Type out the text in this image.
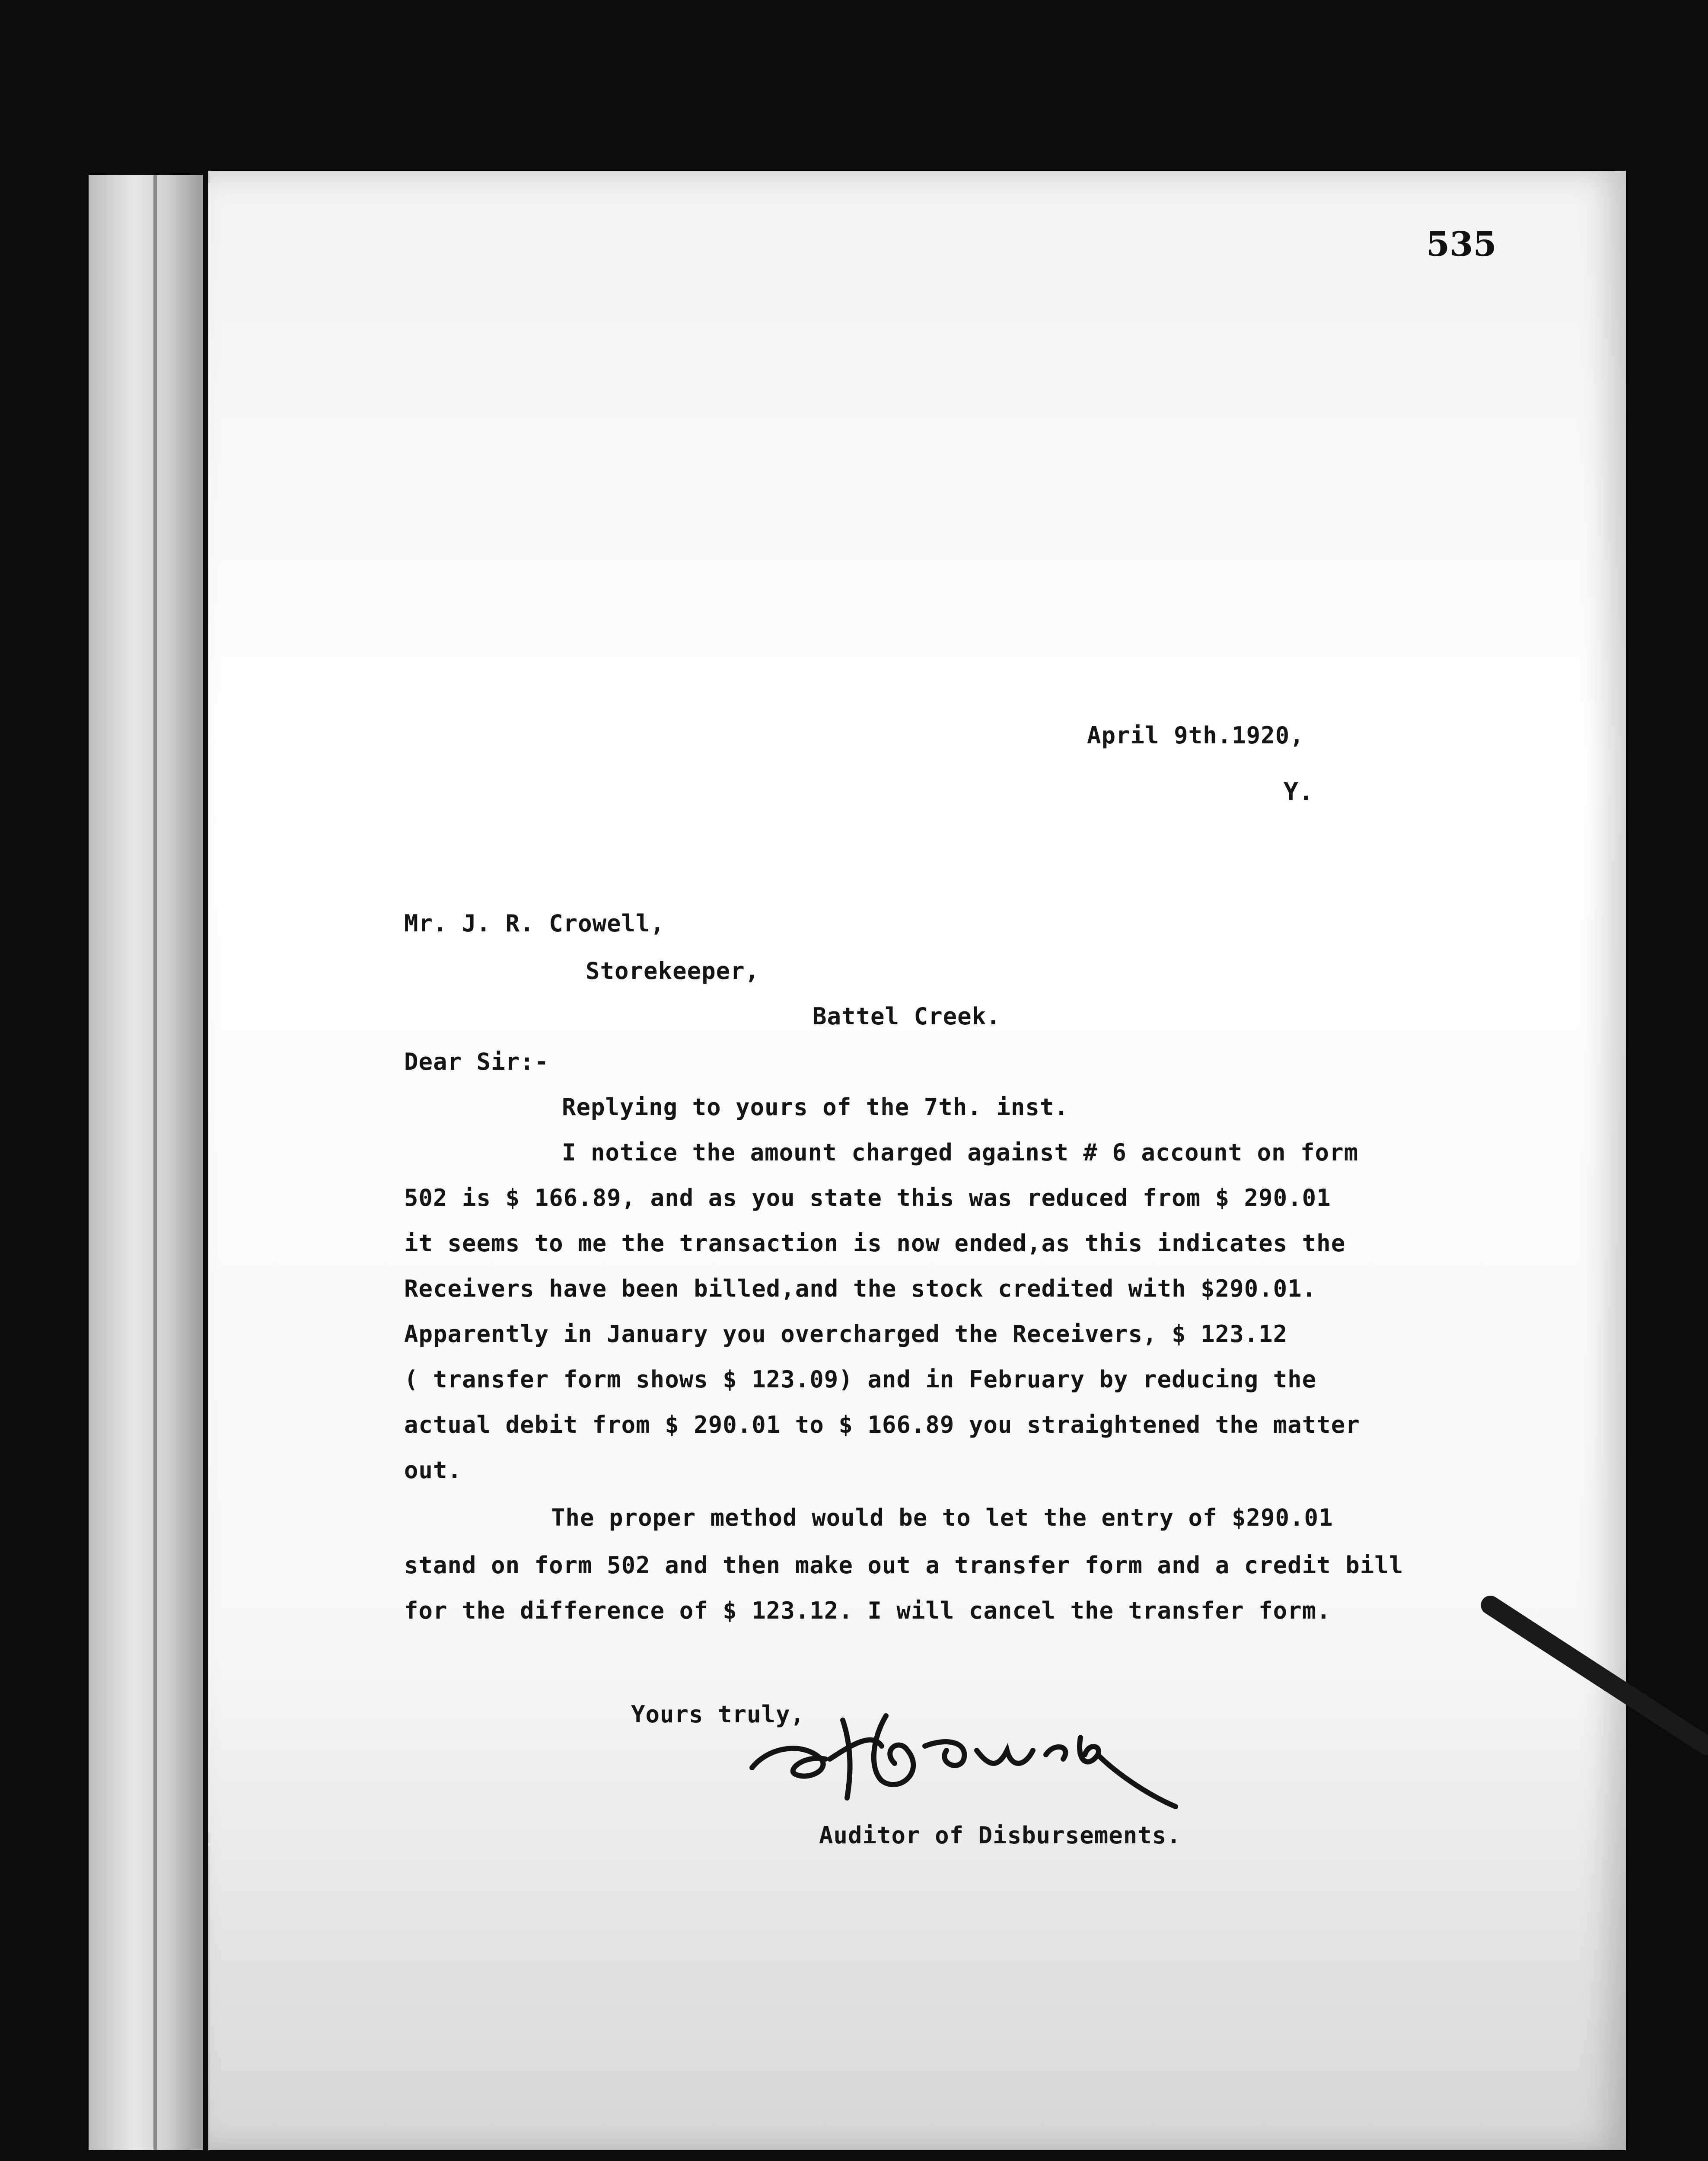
535
April 9th.1920,
Y.
Mr. J. R. Crowell,
Storekeeper,
Battel Creek.
Dear Sir:-
Replying to yours of the 7th. inst.
I notice the amount charged against # 6 account on form
502 is $ 166.89, and as you state this was reduced from $ 290.01
it seems to me the transaction is now ended,as this indicates the
Receivers have been billed,and the stock credited with $290.01.
Apparently in January you overcharged the Receivers, $ 123.12
( transfer form shows $ 123.09) and in February by reducing the
actual debit from $ 290.01 to $ 166.89 you straightened the matter
out.
The proper method would be to let the entry of $290.01
stand on form 502 and then make out a transfer form and a credit bill
for the difference of $ 123.12. I will cancel the transfer form.
Yours truly,
Auditor of Disbursements.
